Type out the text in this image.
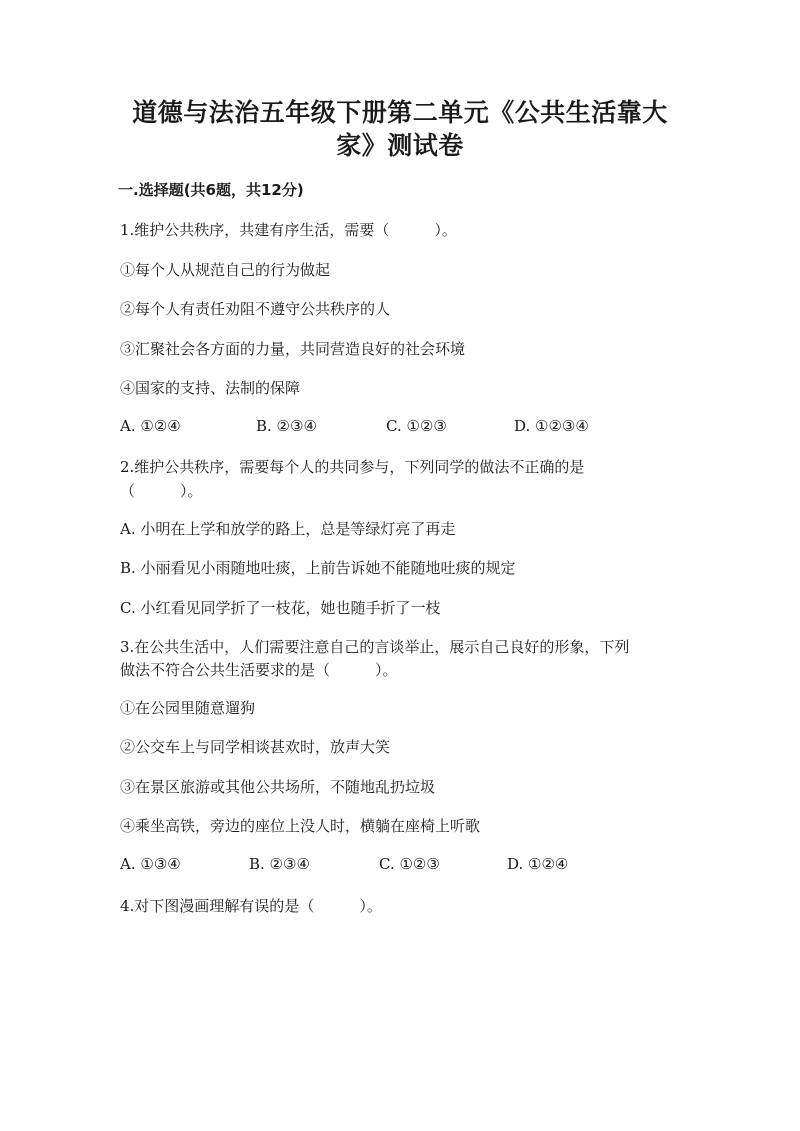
道德与法治五年级下册第二单元《公共生活靠大
家》测试卷
一.选择题(共6题，共12分)
1.维护公共秩序，共建有序生活，需要（　　　）。
①每个人从规范自己的行为做起
②每个人有责任劝阻不遵守公共秩序的人
③汇聚社会各方面的力量，共同营造良好的社会环境
④国家的支持、法制的保障
A. ①②④	B. ②③④	C. ①②③	D. ①②③④
2.维护公共秩序，需要每个人的共同参与，下列同学的做法不正确的是
（　　　）。
A. 小明在上学和放学的路上，总是等绿灯亮了再走
B. 小丽看见小雨随地吐痰，上前告诉她不能随地吐痰的规定
C. 小红看见同学折了一枝花，她也随手折了一枝
3.在公共生活中，人们需要注意自己的言谈举止，展示自己良好的形象，下列
做法不符合公共生活要求的是（　　　）。
①在公园里随意遛狗
②公交车上与同学相谈甚欢时，放声大笑
③在景区旅游或其他公共场所，不随地乱扔垃圾
④乘坐高铁，旁边的座位上没人时，横躺在座椅上听歌
A. ①③④	B. ②③④	C. ①②③	D. ①②④
4.对下图漫画理解有误的是（　　　）。
